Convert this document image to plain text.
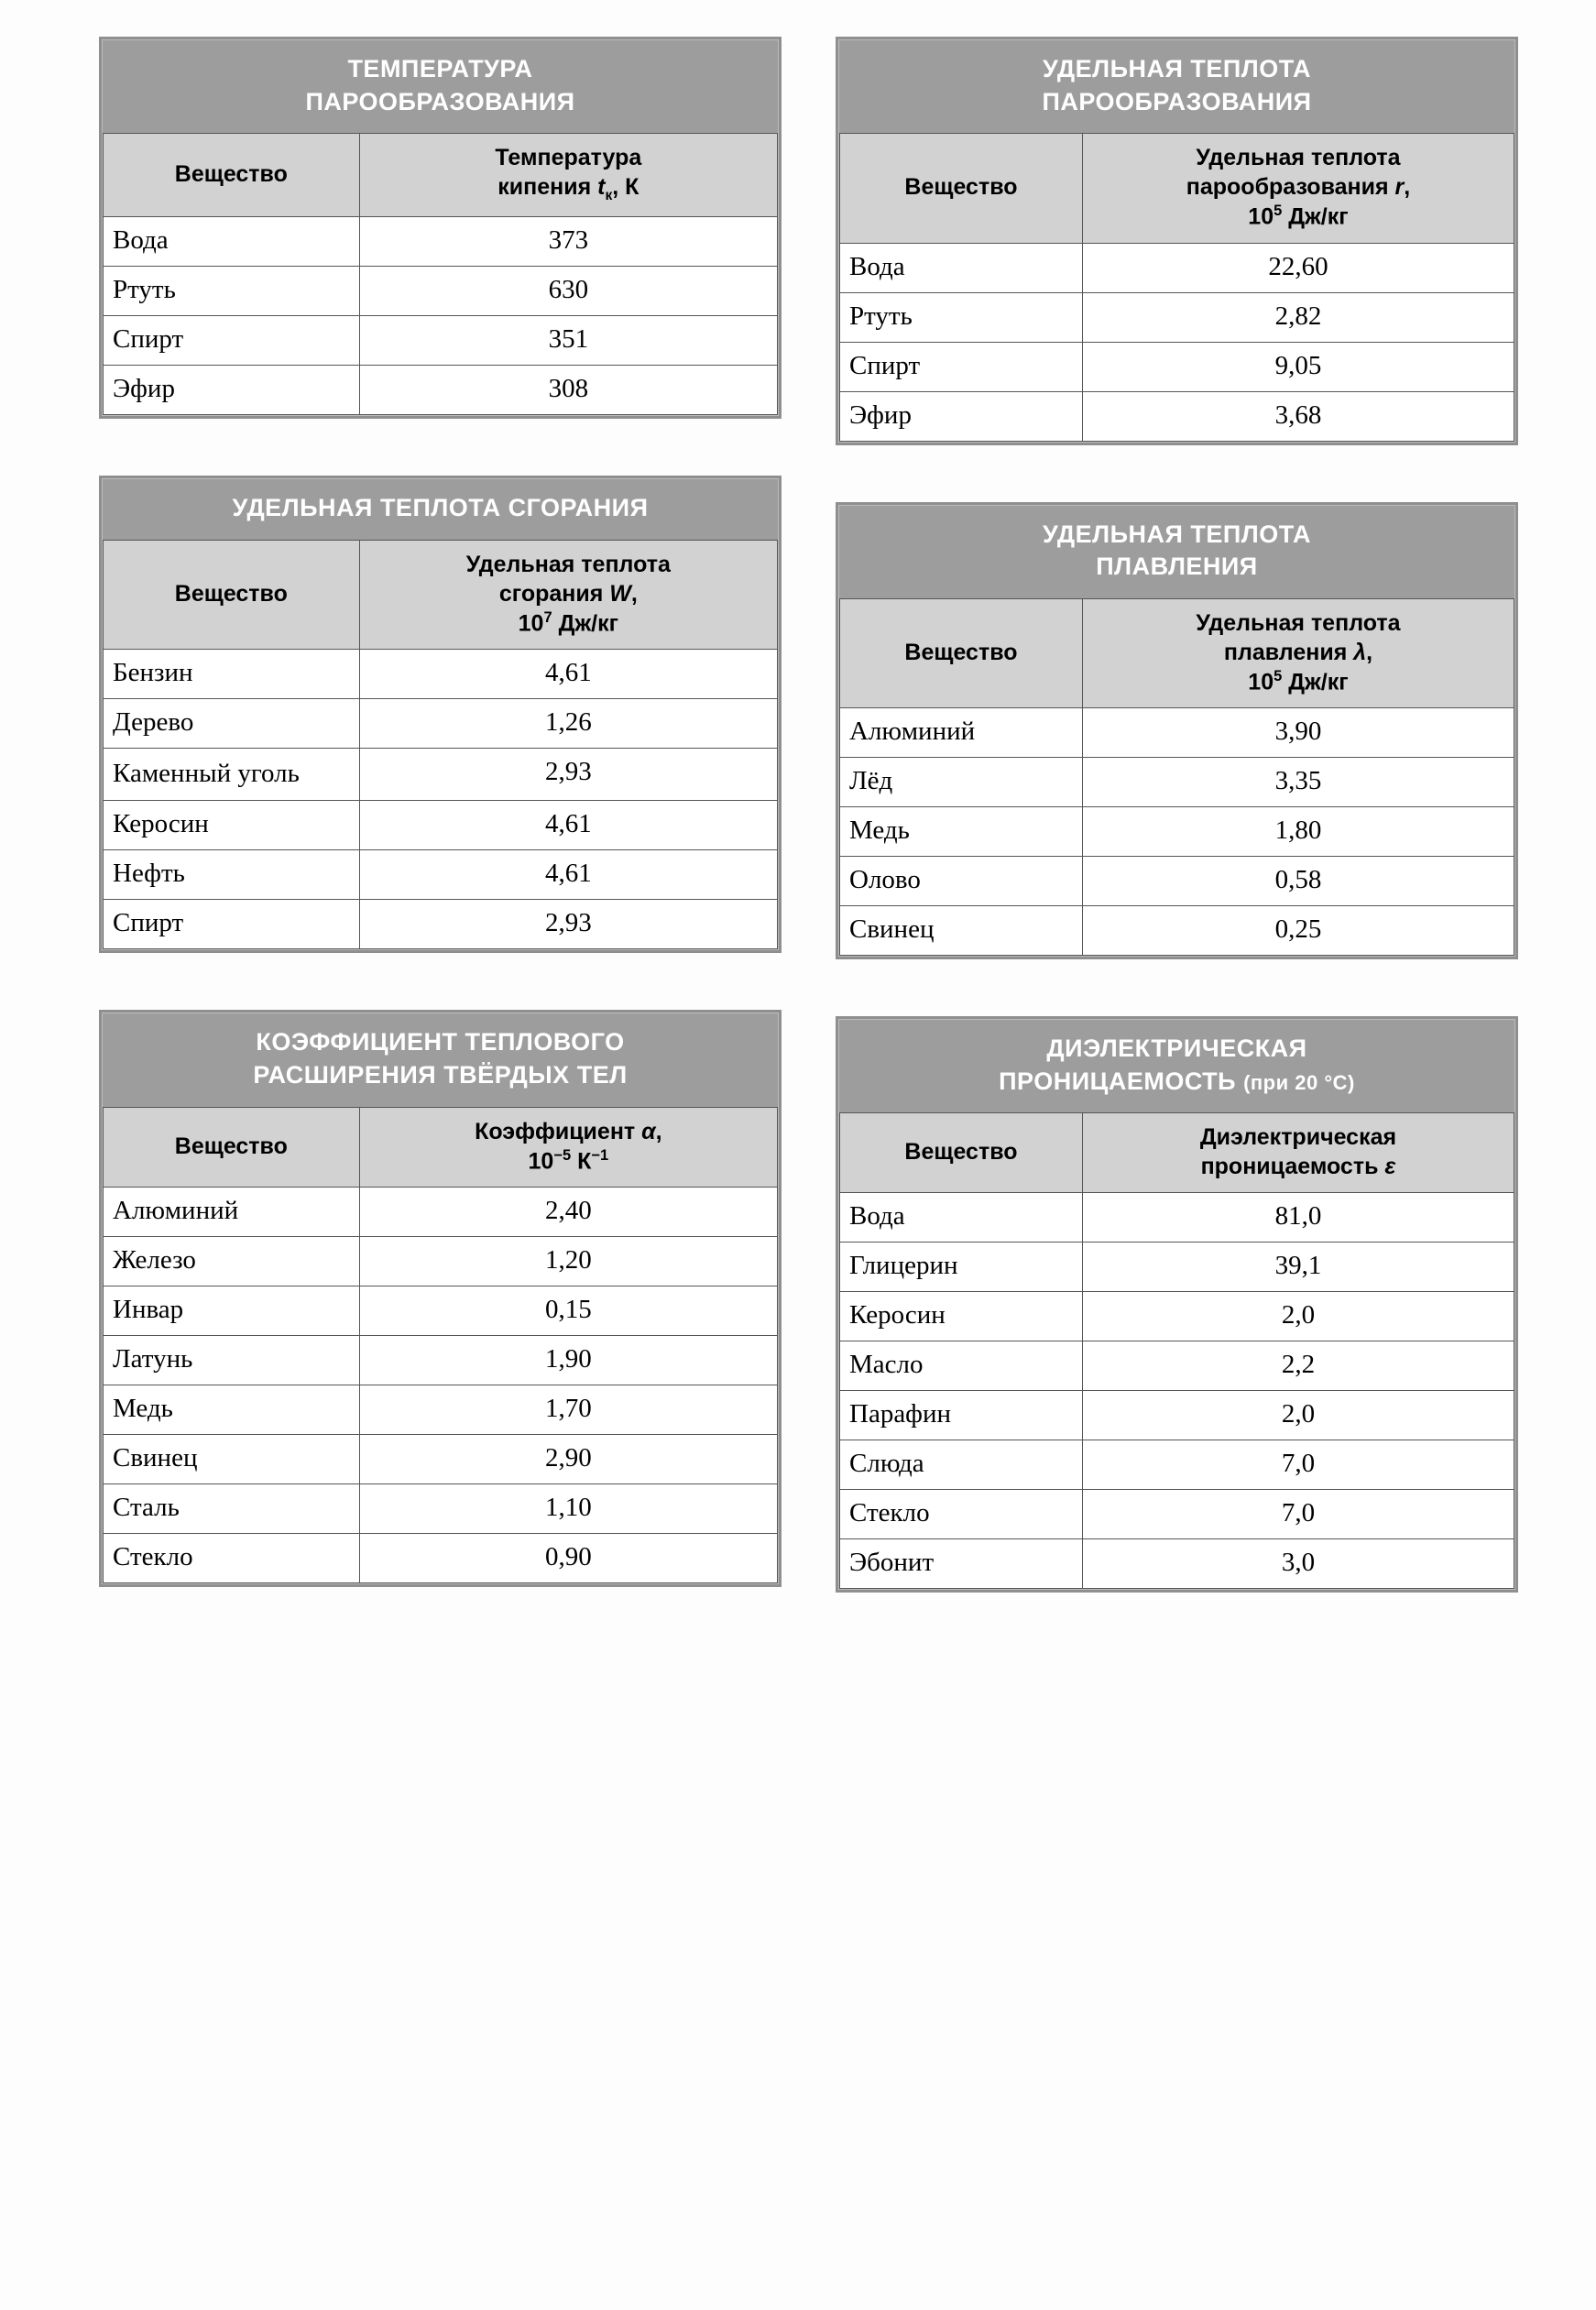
ТЕМПЕРАТУРА
ПАРООБРАЗОВАНИЯ
Вещество	Температура
кипения $t_к$, К

Вода	373
Ртуть	630
Спирт	351
Эфир	308
УДЕЛЬНАЯ ТЕПЛОТА СГОРАНИЯ
Вещество	Удельная теплота
сгорания W,
$10^7$ Дж/кг

Бензин	4,61
Дерево	1,26
Каменный уголь	2,93
Керосин	4,61
Нефть	4,61
Спирт	2,93
КОЭФФИЦИЕНТ ТЕПЛОВОГО
РАСШИРЕНИЯ ТВЁРДЫХ ТЕЛ
Вещество	Коэффициент α,
$10^{-5}$ $К^{-1}$

Алюминий	2,40
Железо	1,20
Инвар	0,15
Латунь	1,90
Медь	1,70
Свинец	2,90
Сталь	1,10
Стекло	0,90
УДЕЛЬНАЯ ТЕПЛОТА
ПАРООБРАЗОВАНИЯ
Вещество	Удельная теплота
парообразования r,
$10^5$ Дж/кг

Вода	22,60
Ртуть	2,82
Спирт	9,05
Эфир	3,68
УДЕЛЬНАЯ ТЕПЛОТА
ПЛАВЛЕНИЯ
Вещество	Удельная теплота
плавления λ,
$10^5$ Дж/кг

Алюминий	3,90
Лёд	3,35
Медь	1,80
Олово	0,58
Свинец	0,25
ДИЭЛЕКТРИЧЕСКАЯ
ПРОНИЦАЕМОСТЬ (при 20 °C)
Вещество	Диэлектрическая
проницаемость ε

Вода	81,0
Глицерин	39,1
Керосин	2,0
Масло	2,2
Парафин	2,0
Слюда	7,0
Стекло	7,0
Эбонит	3,0
